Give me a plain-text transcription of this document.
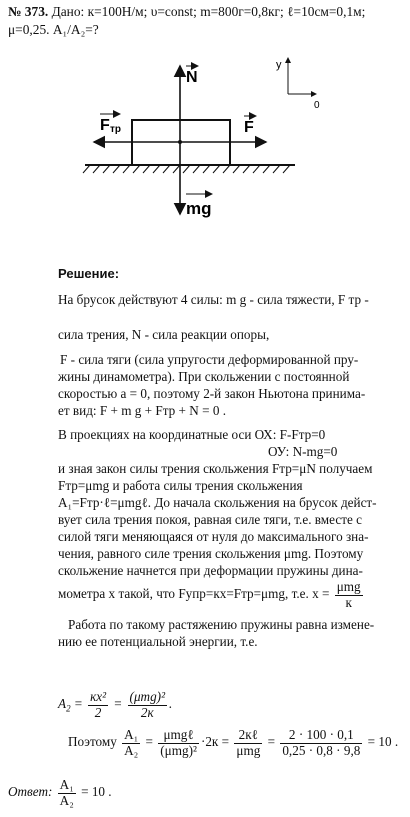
№ 373. Дано: к=100Н/м; υ=const; m=800г=0,8кг; ℓ=10см=0,1м;
μ=0,25. A₁/A₂=?
N
F тр	F
mg
y
0
Решение:
На брусок действуют 4 силы: m g - сила тяжести, F тр -
сила трения, N - сила реакции опоры,
F - сила тяги (сила упругости деформированной пру-
жины динамометра). При скольжении с постоянной
скоростью a = 0, поэтому 2-й закон Ньютона принима-
ет вид: F + m g + Fтр + N = 0 .
В проекциях на координатные оси ОХ: F-Fтр=0
ОУ: N-mg=0
и зная закон силы трения скольжения Fтр=μN получаем
Fтр=μmg и работа силы трения скольжения
A₁=Fтр·ℓ=μmgℓ. До начала скольжения на брусок дейст-
вует сила трения покоя, равная силе тяги, т.е. вместе с
силой тяги меняющаяся от нуля до максимального зна-
чения, равного силе трения скольжения μmg. Поэтому
скольжение начнется при деформации пружины дина-
мометра x такой, что Fупр=кх=Fтр=μmg, т.е. $x = \frac{\text{μmg}}{к}$
Работа по такому растяжению пружины равна измене-
нию ее потенциальной энергии, т.е.
$A_2 = \frac{\text{кх²}}{2} = \frac{\text{(μmg)²}}{2к}$ .
Поэтому $\frac{\text{A₁}}{\text{A₂}} = \frac{\text{μmgℓ}}{\text{(μmg)²}} \cdot 2к = \frac{\text{2кℓ}}{\text{μmg}} = \frac{2 \cdot 100 \cdot 0,1}{0,25 \cdot 0,8 \cdot 9,8} = 10$ .
Ответ: $\frac{\text{A₁}}{\text{A₂}} = 10$ .
